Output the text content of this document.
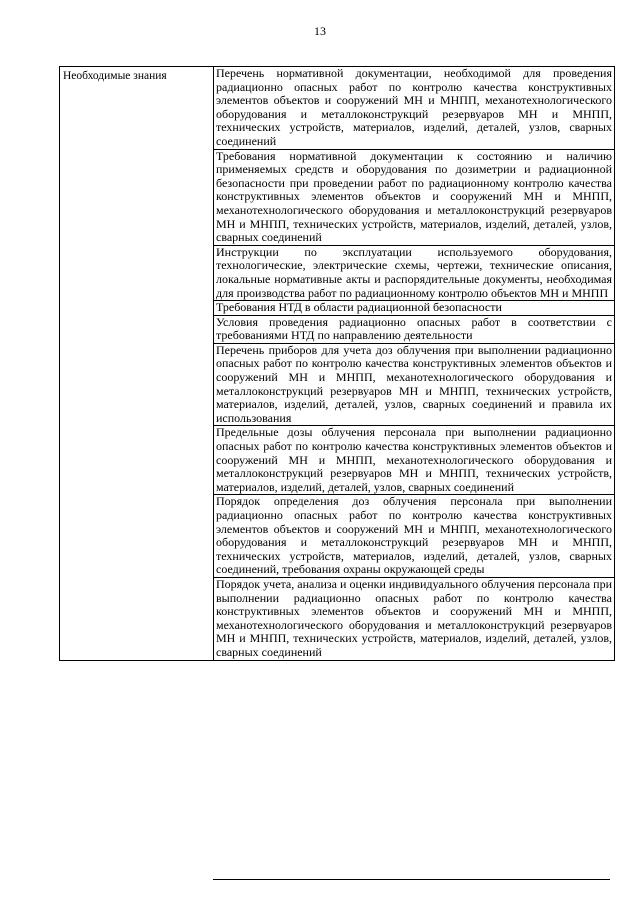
13
Необходимые знания	Перечень нормативной документации, необходимой для проведения радиационно опасных работ по контролю качества конструктивных элементов объектов и сооружений МН и МНПП, механотехнологического оборудования и металлоконструкций резервуаров МН и МНПП, технических устройств, материалов, изделий, деталей, узлов, сварных соединений
Требования нормативной документации к состоянию и наличию применяемых средств и оборудования по дозиметрии и радиационной безопасности при проведении работ по радиационному контролю качества конструктивных элементов объектов и сооружений МН и МНПП, механотехнологического оборудования и металлоконструкций резервуаров МН и МНПП, технических устройств, материалов, изделий, деталей, узлов, сварных соединений
Инструкции по эксплуатации используемого оборудования, технологические, электрические схемы, чертежи, технические описания, локальные нормативные акты и распорядительные документы, необходимая для производства работ по радиационному контролю объектов МН и МНПП
Требования НТД в области радиационной безопасности
Условия проведения радиационно опасных работ в соответствии с требованиями НТД по направлению деятельности
Перечень приборов для учета доз облучения при выполнении радиационно опасных работ по контролю качества конструктивных элементов объектов и сооружений МН и МНПП, механотехнологического оборудования и металлоконструкций резервуаров МН и МНПП, технических устройств, материалов, изделий, деталей, узлов, сварных соединений и правила их использования
Предельные дозы облучения персонала при выполнении радиационно опасных работ по контролю качества конструктивных элементов объектов и сооружений МН и МНПП, механотехнологического оборудования и металлоконструкций резервуаров МН и МНПП, технических устройств, материалов, изделий, деталей, узлов, сварных соединений
Порядок определения доз облучения персонала при выполнении радиационно опасных работ по контролю качества конструктивных элементов объектов и сооружений МН и МНПП, механотехнологического оборудования и металлоконструкций резервуаров МН и МНПП, технических устройств, материалов, изделий, деталей, узлов, сварных соединений, требования охраны окружающей среды
Порядок учета, анализа и оценки индивидуального облучения персонала при выполнении радиационно опасных работ по контролю качества конструктивных элементов объектов и сооружений МН и МНПП, механотехнологического оборудования и металлоконструкций резервуаров МН и МНПП, технических устройств, материалов, изделий, деталей, узлов, сварных соединений
